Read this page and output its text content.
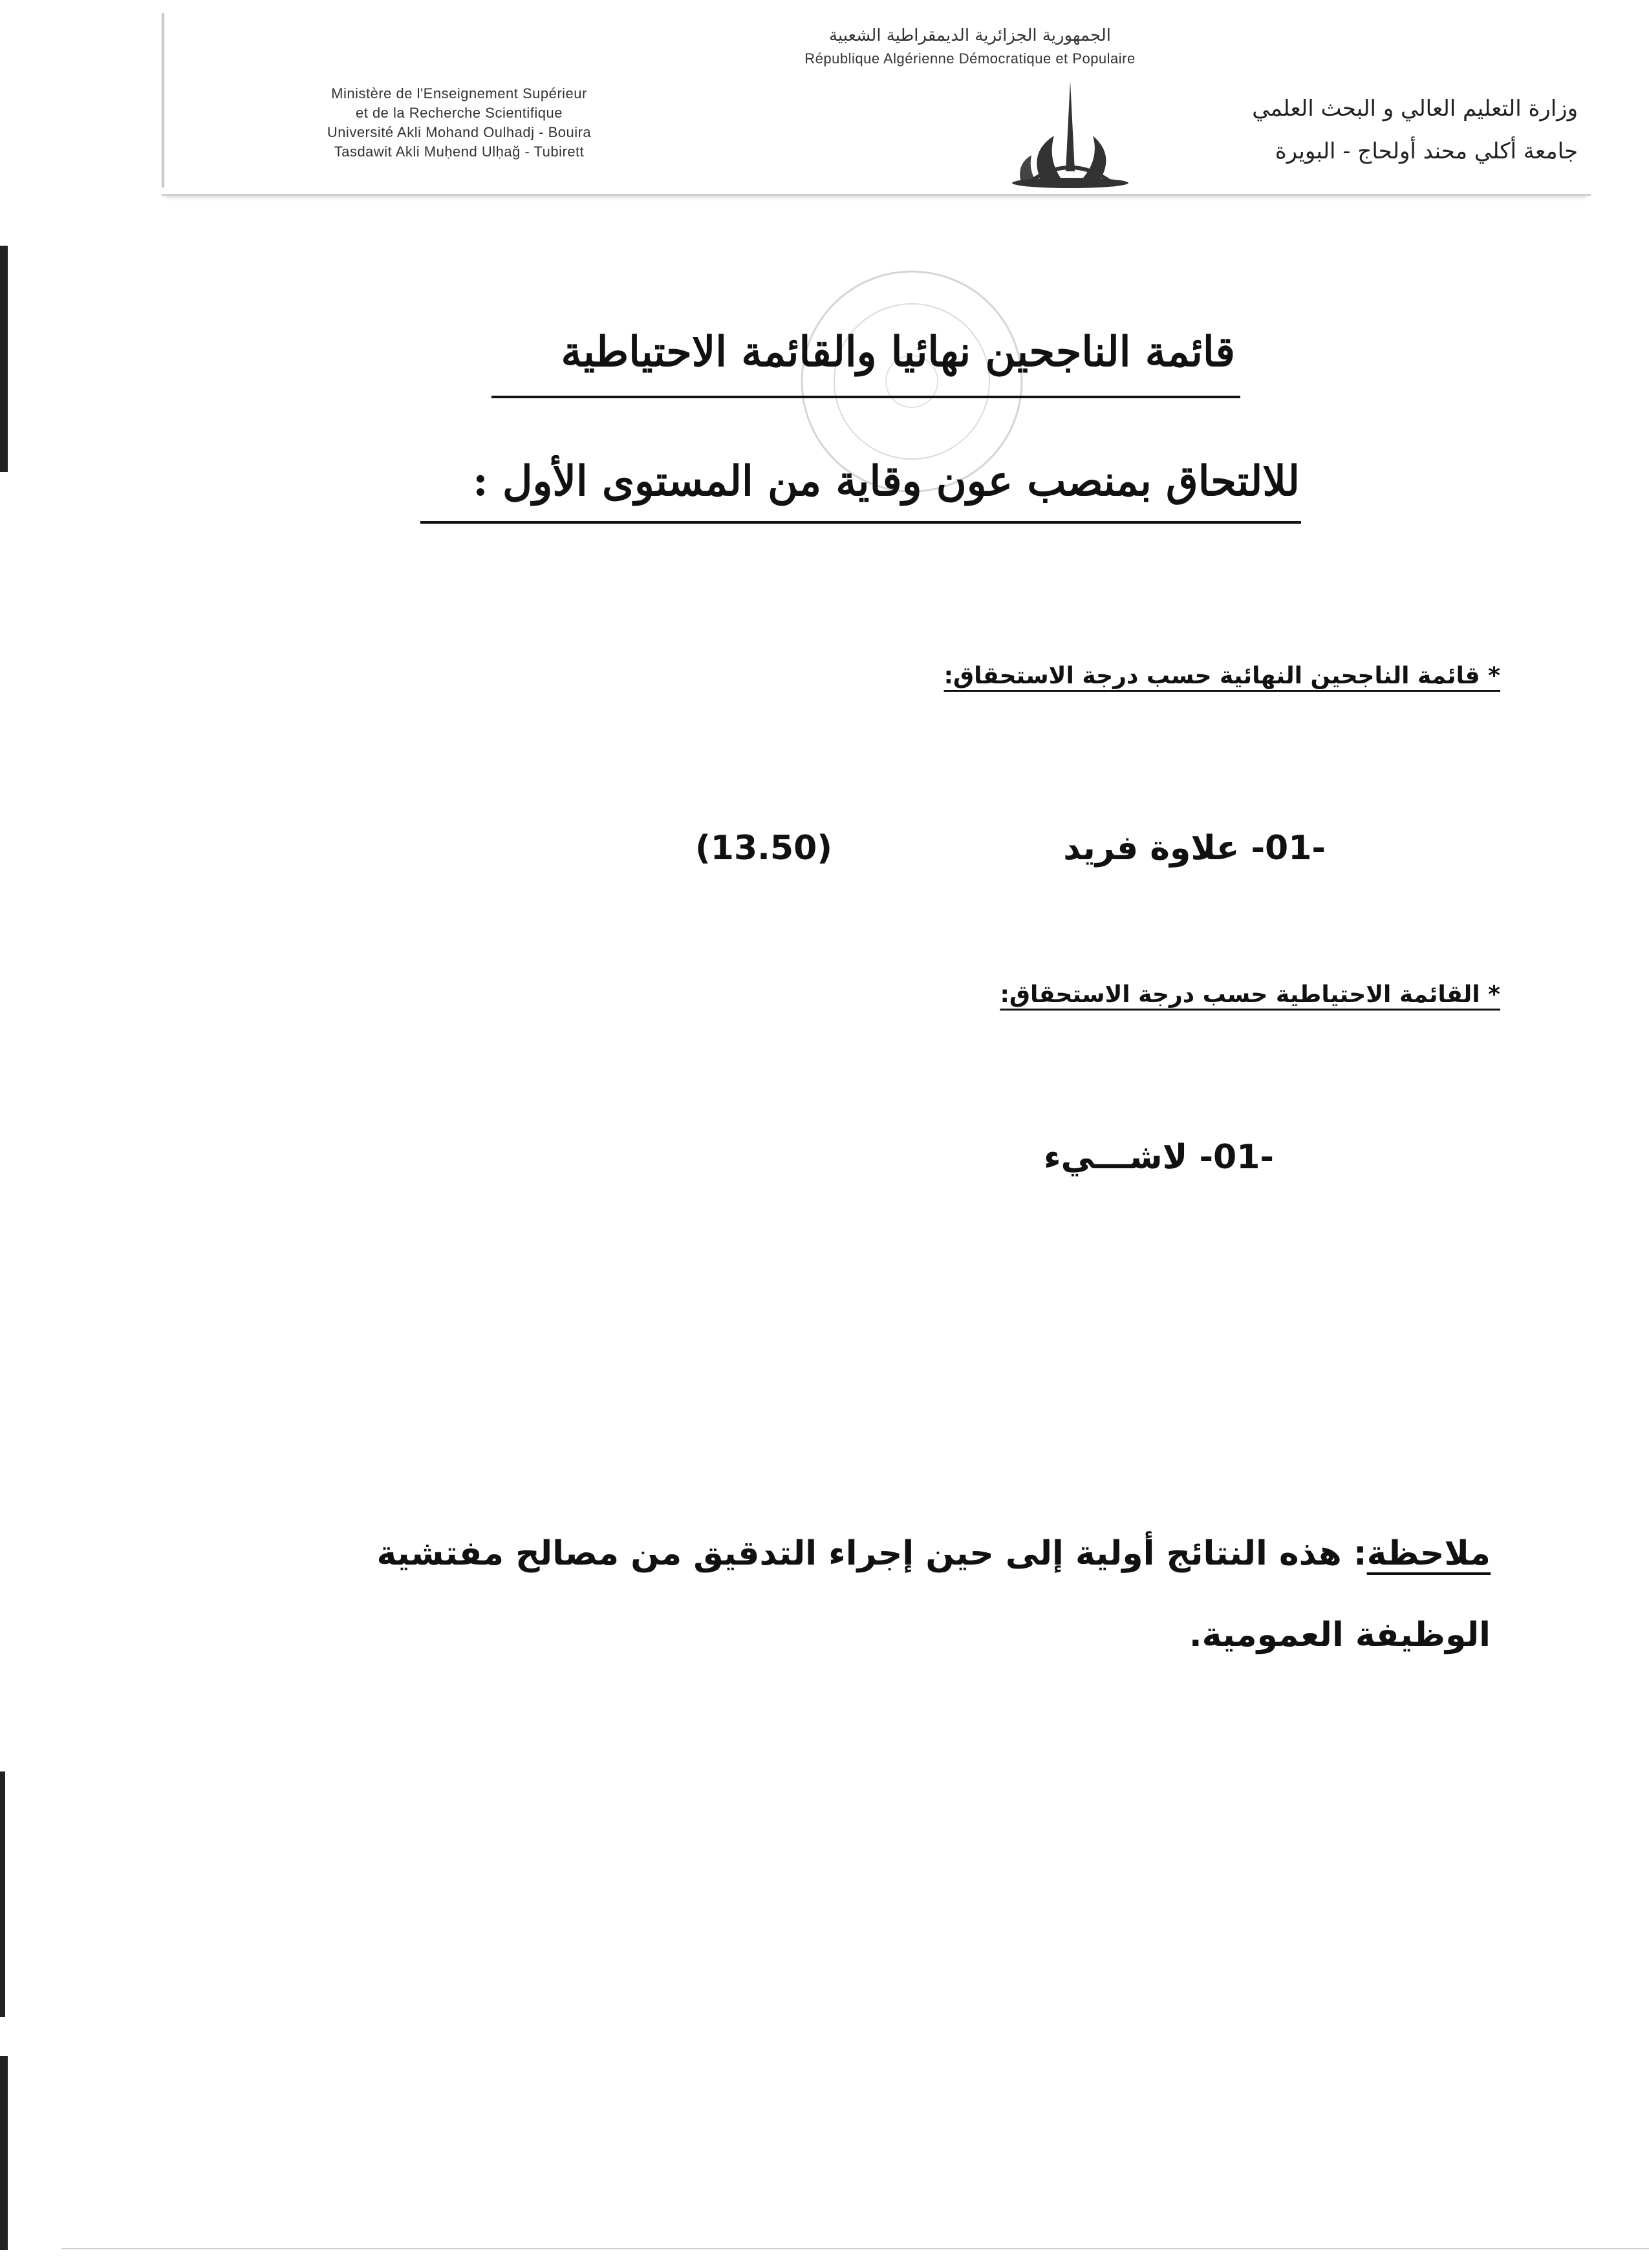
Ministère de l'Enseignement Supérieur
et de la Recherche Scientifique
Université Akli Mohand Oulhadj - Bouira
Tasdawit Akli Muḥend Ulḥağ - Tubirett
الجمهورية الجزائرية الديمقراطية الشعبية
République Algérienne Démocratique et Populaire
وزارة التعليم العالي و البحث العلمي
جامعة أكلي محند أولحاج - البويرة
قائمة الناجحين نهائيا والقائمة الاحتياطية
للالتحاق بمنصب عون وقاية من المستوى الأول :
* قائمة الناجحين النهائية حسب درجة الاستحقاق:
-01- علاوة فريد
(13.50)
* القائمة الاحتياطية حسب درجة الاستحقاق:
-01- لاشـــيء
ملاحظة: هذه النتائج أولية إلى حين إجراء التدقيق من مصالح مفتشية الوظيفة العمومية.
